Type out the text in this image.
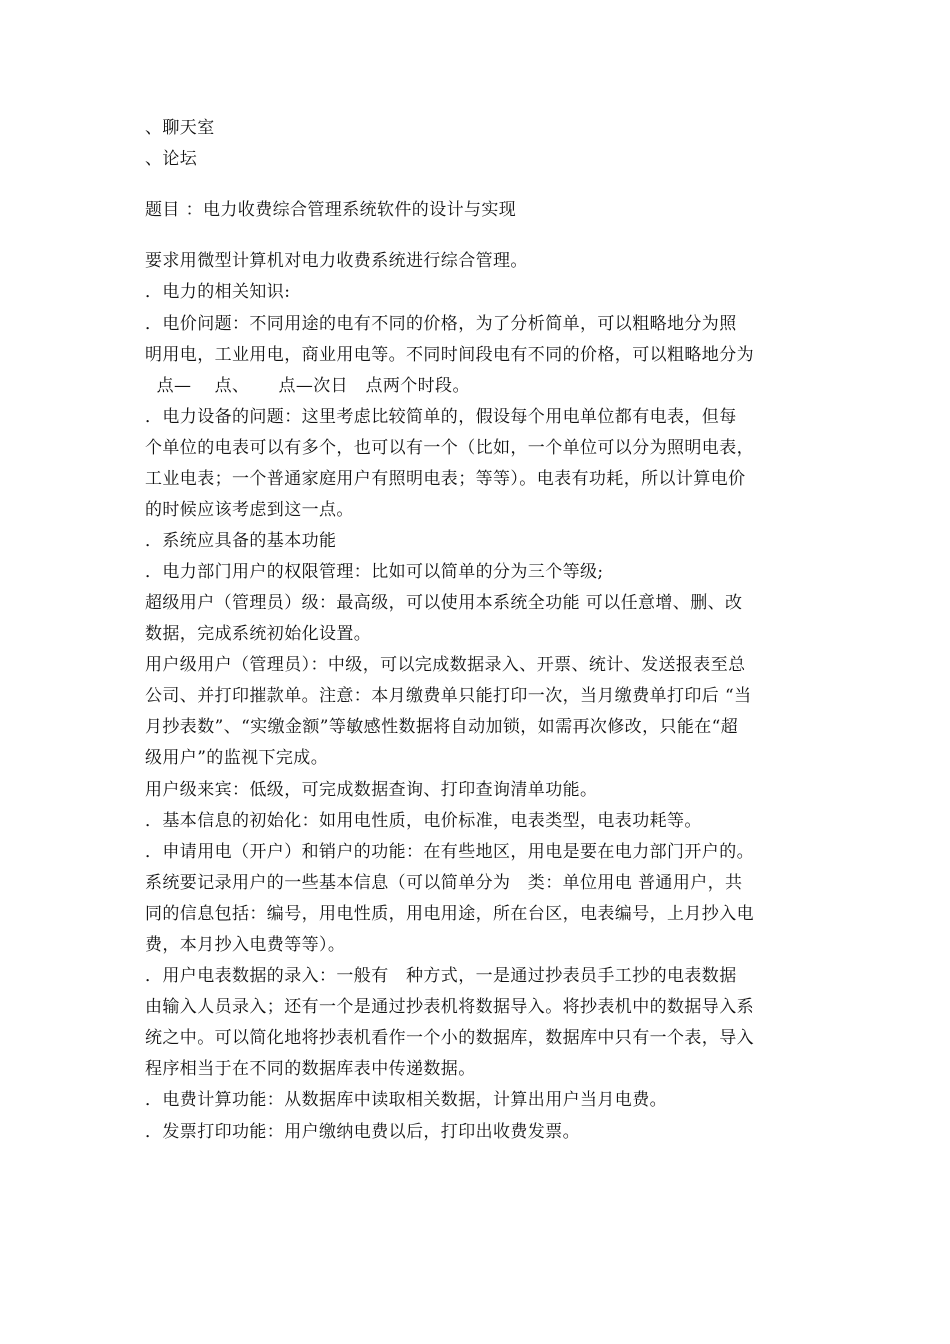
、聊天室
、论坛
题目 ：电力收费综合管理系统软件的设计与实现
要求用微型计算机对电力收费系统进行综合管理。
．电力的相关知识:
．电价问题：不同用途的电有不同的价格，为了分析简单，可以粗略地分为照
明用电，工业用电，商业用电等。不同时间段电有不同的价格，可以粗略地分为
点—    点、     点—次日   点两个时段。
．电力设备的问题：这里考虑比较简单的，假设每个用电单位都有电表，但每
个单位的电表可以有多个，也可以有一个（比如，一个单位可以分为照明电表，
工业电表；一个普通家庭用户有照明电表；等等）。电表有功耗，所以计算电价
的时候应该考虑到这一点。
．系统应具备的基本功能
．电力部门用户的权限管理：比如可以简单的分为三个等级;
超级用户（管理员）级：最高级，可以使用本系统全功能 可以任意增、删、改
数据，完成系统初始化设置。
用户级用户（管理员）：中级，可以完成数据录入、开票、统计、发送报表至总
公司、并打印摧款单。注意：本月缴费单只能打印一次，当月缴费单打印后 “当
月抄表数”、“实缴金额”等敏感性数据将自动加锁，如需再次修改，只能在“超
级用户”的监视下完成。
用户级来宾：低级，可完成数据查询、打印查询清单功能。
．基本信息的初始化：如用电性质，电价标准，电表类型，电表功耗等。
．申请用电（开户）和销户的功能：在有些地区，用电是要在电力部门开户的。
系统要记录用户的一些基本信息（可以简单分为   类：单位用电 普通用户，共
同的信息包括：编号，用电性质，用电用途，所在台区，电表编号，上月抄入电
费，本月抄入电费等等）。
．用户电表数据的录入：一般有   种方式，一是通过抄表员手工抄的电表数据
由输入人员录入；还有一个是通过抄表机将数据导入。将抄表机中的数据导入系
统之中。可以简化地将抄表机看作一个小的数据库，数据库中只有一个表，导入
程序相当于在不同的数据库表中传递数据。
．电费计算功能：从数据库中读取相关数据，计算出用户当月电费。
．发票打印功能：用户缴纳电费以后，打印出收费发票。
